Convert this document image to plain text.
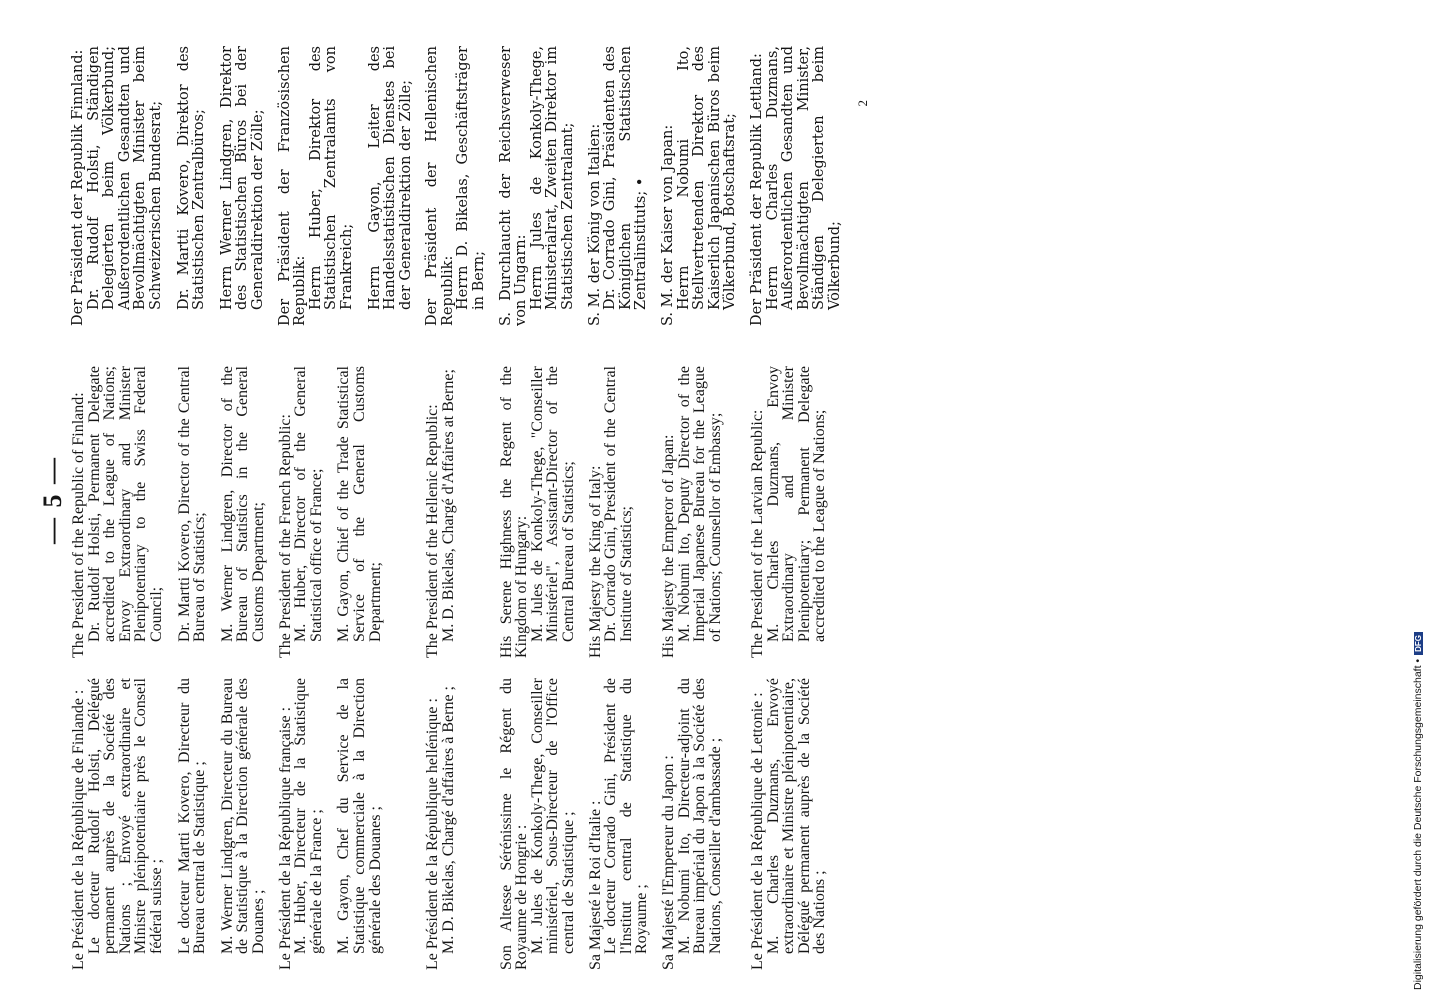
— 5 —
Le Président de la République de Finlande :
Le docteur Rudolf Holsti, Délégué permanent auprès de la Société des Nations ; Envoyé extraordinaire et Ministre plénipotentiaire près le Conseil fédéral suisse ; Le docteur Martti Kovero, Directeur du Bureau central de Statistique ; M. Werner Lindgren, Directeur du Bureau de Statistique à la Direction générale des Douanes ;
The President of the Republic of Finland:
Dr. Rudolf Holsti, Permanent Delegate accredited to the League of Nations; Envoy Extraordinary and Minister Plenipotentiary to the Swiss Federal Council; Dr. Martti Kovero, Director of the Central Bureau of Statistics; M. Werner Lindgren, Director of the Bureau of Statistics in the General Customs Department;
Der Präsident der Republik Finnland: Dr. Rudolf Holsti, Ständigen Delegierten beim Völkerbund; Außerordentlichen Gesandten und Bevollmächtigten Minister beim Schweizerischen Bundesrat; Dr. Martti Kovero, Direktor des Statistischen Zentralbüros; Herrn Werner Lindgren, Direktor des Statistischen Büros bei der Generaldirektion der Zölle;
Le Président de la République française :
M. Huber, Directeur de la Statistique générale de la France ; M. Gayon, Chef du Service de la Statistique commerciale à la Direction générale des Douanes ;
The President of the French Republic:
M. Huber, Director of the General Statistical office of France; M. Gayon, Chief of the Trade Statistical Service of the General Customs Department;
Der Präsident der Französischen Republik: Herrn Huber, Direktor des Statistischen Zentralamts von Frankreich; Herrn Gayon, Leiter des Handelsstatistischen Dienstes bei der Generaldirektion der Zölle;
Le Président de la République hellénique :
M. D. Bikelas, Chargé d'affaires à Berne ;
The President of the Hellenic Republic:
M. D. Bikelas, Chargé d'Affaires at Berne;
Der Präsident der Hellenischen Republik: Herrn D. Bikelas, Geschäftsträger in Bern;
Son Altesse Sérénissime le Régent du Royaume de Hongrie :
M. Jules de Konkoly-Thege, Conseiller ministériel, Sous-Directeur de l'Office central de Statistique ;
His Serene Highness the Regent of the Kingdom of Hungary:
M. Jules de Konkoly-Thege, "Conseiller Ministériel", Assistant-Director of the Central Bureau of Statistics;
S. Durchlaucht der Reichsverweser von Ungarn: Herrn Jules de Konkoly-Thege, Ministerialrat, Zweiten Direktor im Statistischen Zentralamt;
Sa Majesté le Roi d'Italie :
Le docteur Corrado Gini, Président de l'Institut central de Statistique du Royaume ;
His Majesty the King of Italy:
Dr. Corrado Gini, President of the Central Institute of Statistics;
S. M. der König von Italien: Dr. Corrado Gini, Präsidenten des Königlichen Statistischen Zentralinstituts; •
Sa Majesté l'Empereur du Japon :
M. Nobumi Ito, Directeur-adjoint du Bureau impérial du Japon à la Société des Nations, Conseiller d'ambassade ;
His Majesty the Emperor of Japan:
M. Nobumi Ito, Deputy Director of the Imperial Japanese Bureau for the League of Nations; Counsellor of Embassy;
S. M. der Kaiser von Japan: Herrn Nobumi Ito, Stellvertretenden Direktor des Kaiserlich Japanischen Büros beim Völkerbund, Botschaftsrat;
Le Président de la République de Lettonie :
M. Charles Duzmans, Envoyé extraordinaire et Ministre plénipotentiaire, Délégué permanent auprès de la Société des Nations ;
The President of the Latvian Republic:
M. Charles Duzmans, Envoy Extraordinary and Minister Plenipotentiary; Permanent Delegate accredited to the League of Nations;
Der Präsident der Republik Lettland: Herrn Charles Duzmans, Außerordentlichen Gesandten und Bevollmächtigten Minister, Ständigen Delegierten beim Völkerbund;
2
Digitalisierung gefördert durch die Deutsche Forschungsgemeinschaft •DFG
